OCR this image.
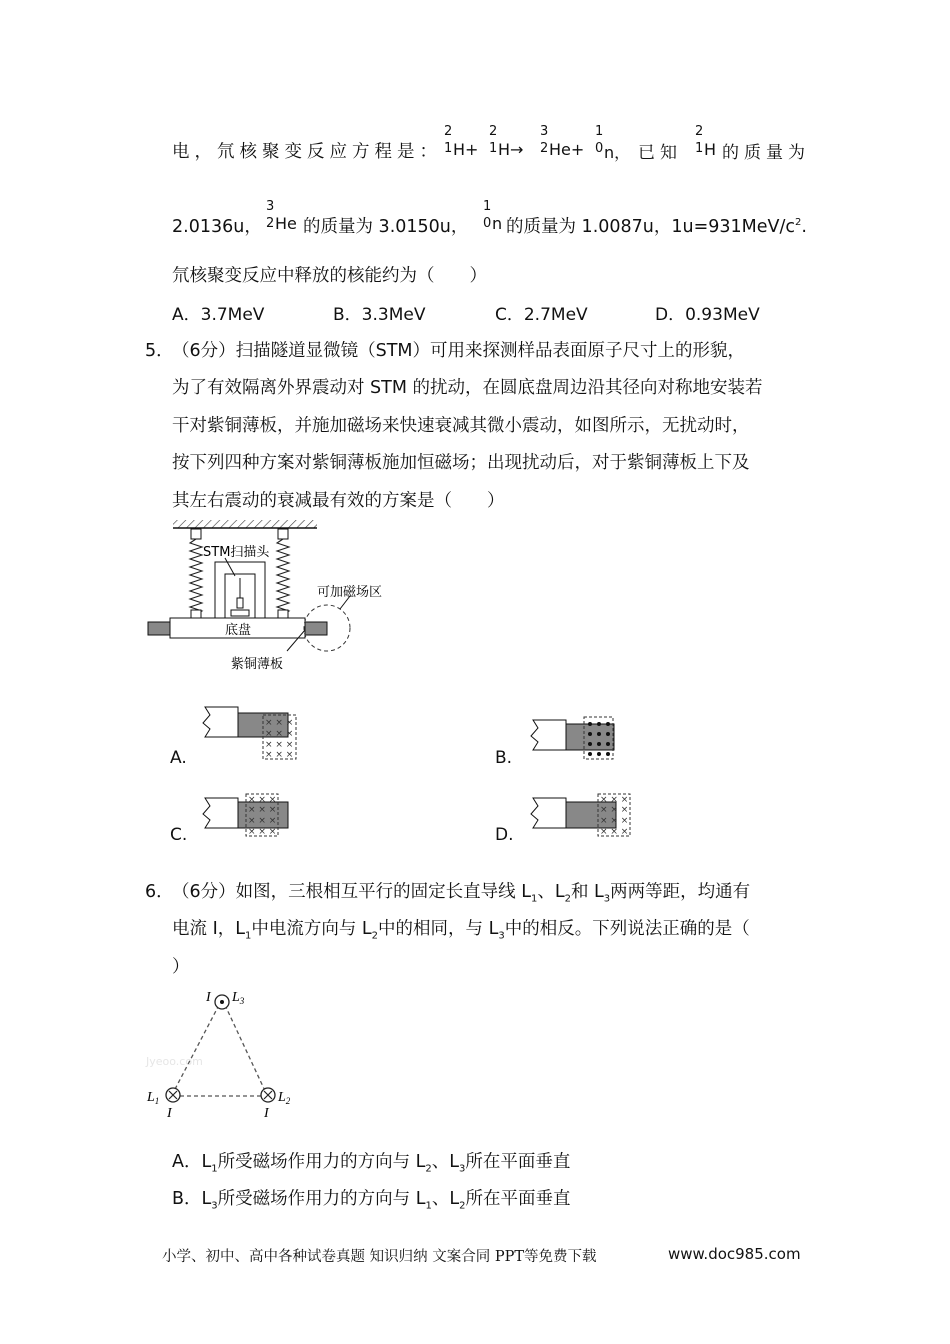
电，氘核聚变反应方程是：
2
1 H+
2
1 H→
3
2 He+
1
0 n， 已知
2
1 H 的质量为
2.0136u，
3
2 He 的质量为 3.0150u，
1
0 n 的质量为 1.0087u，$1u=931MeV/c^2$.
氘核聚变反应中释放的核能约为（　　）
A．3.7MeV	B．3.3MeV	C．2.7MeV	D．0.93MeV
5．
（6分）扫描隧道显微镜（STM）可用来探测样品表面原子尺寸上的形貌，
为了有效隔离外界震动对 STM 的扰动，在圆底盘周边沿其径向对称地安装若
干对紫铜薄板，并施加磁场来快速衰减其微小震动，如图所示，无扰动时，
按下列四种方案对紫铜薄板施加恒磁场；出现扰动后，对于紫铜薄板上下及
其左右震动的衰减最有效的方案是（　　）
STM扫描头
底盘
可加磁场区
紫铜薄板
A.
× × ×
× × ×
× × ×
× × ×	B.
C.
× × ×
× × ×
× × ×
× × ×	D.
× × ×
× × ×
× × ×
× × ×
6．
（6分）如图，三根相互平行的固定长直导线 $L_1$、$L_2$和 $L_3$两两等距，均通有
电流 I，$L_1$中电流方向与 $L_2$中的相同，与 $L_3$中的相反。下列说法正确的是（
）
I $L_3$
$L_1$
I	I
$L_2$
Jyeoo.com
A．$L_1$所受磁场作用力的方向与 $L_2$、$L_3$所在平面垂直
B．$L_3$所受磁场作用力的方向与 $L_1$、$L_2$所在平面垂直
小学、初中、高中各种试卷真题 知识归纳 文案合同 PPT等免费下载	www.doc985.com
